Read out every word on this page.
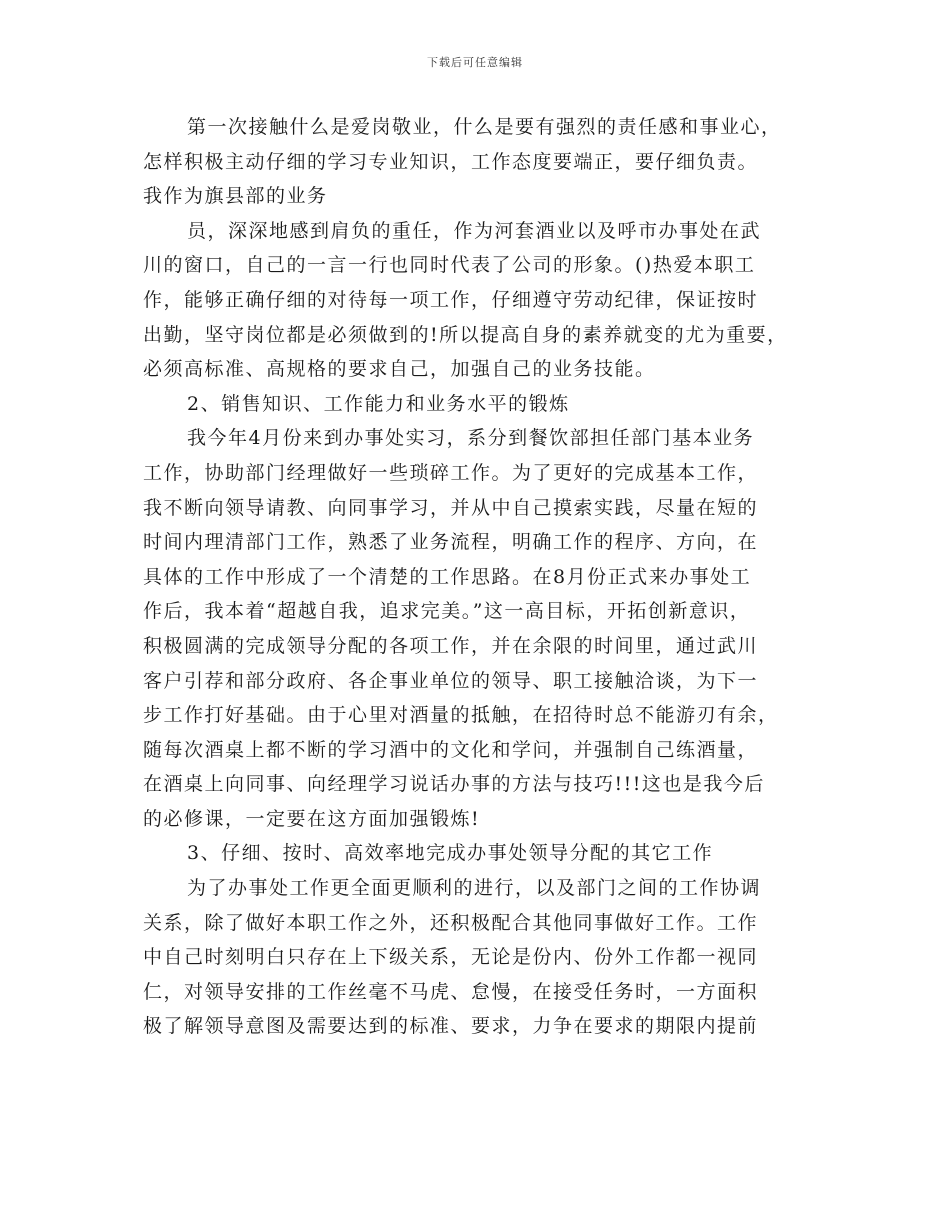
下载后可任意编辑
第一次接触什么是爱岗敬业，什么是要有强烈的责任感和事业心，
怎样积极主动仔细的学习专业知识，工作态度要端正，要仔细负责。
我作为旗县部的业务
员，深深地感到肩负的重任，作为河套酒业以及呼市办事处在武
川的窗口，自己的一言一行也同时代表了公司的形象。()热爱本职工
作，能够正确仔细的对待每一项工作，仔细遵守劳动纪律，保证按时
出勤，坚守岗位都是必须做到的!所以提高自身的素养就变的尤为重要，
必须高标准、高规格的要求自己，加强自己的业务技能。
2、销售知识、工作能力和业务水平的锻炼
我今年4月份来到办事处实习，系分到餐饮部担任部门基本业务
工作，协助部门经理做好一些琐碎工作。为了更好的完成基本工作，
我不断向领导请教、向同事学习，并从中自己摸索实践，尽量在短的
时间内理清部门工作，熟悉了业务流程，明确工作的程序、方向，在
具体的工作中形成了一个清楚的工作思路。在8月份正式来办事处工
作后，我本着“超越自我，追求完美。”这一高目标，开拓创新意识，
积极圆满的完成领导分配的各项工作，并在余限的时间里，通过武川
客户引荐和部分政府、各企事业单位的领导、职工接触洽谈，为下一
步工作打好基础。由于心里对酒量的抵触，在招待时总不能游刃有余，
随每次酒桌上都不断的学习酒中的文化和学问，并强制自己练酒量，
在酒桌上向同事、向经理学习说话办事的方法与技巧!!!这也是我今后
的必修课，一定要在这方面加强锻炼!
3、仔细、按时、高效率地完成办事处领导分配的其它工作
为了办事处工作更全面更顺利的进行，以及部门之间的工作协调
关系，除了做好本职工作之外，还积极配合其他同事做好工作。工作
中自己时刻明白只存在上下级关系，无论是份内、份外工作都一视同
仁，对领导安排的工作丝毫不马虎、怠慢，在接受任务时，一方面积
极了解领导意图及需要达到的标准、要求，力争在要求的期限内提前
